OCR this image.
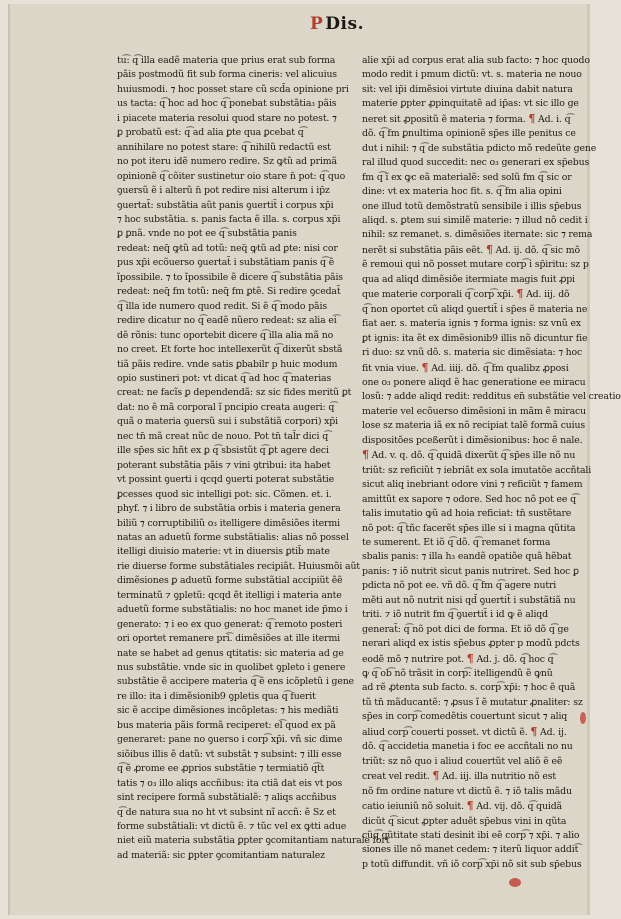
P Dis.
tu͡: q͡ illa eadẽ materia que prius erat sub forma
pãis postmodũ fit sub forma cineris: vel alicuius
huiusmodi. ⁊ hoc posset stare cũ scd̃a opinione pri
us tacta: q͡ hoc ad hoc q͡ ponebat substãtia₃ pãis
i piacete materia resolui quod stare no potest. ⁊
ꝑ probatũ est: q͡ ad alia ꝑte qua ꝑcebat q͡
annihilare no potest stare: q͡ nihilũ redactũ est
no pot iteru idẽ numero redire. Sz ꝙtũ ad primã
opinionẽ q͡ cõiter sustinetur oio stare n̄ pot: q͡ quo
ꝯuersũ ẽ i alterũ n̄ pot redire nisi alterum i ip̄z
ꝯuertat̃: substãtia aũt panis ꝯuertit̃ i corpus xp̄i
⁊ hoc substãtia. s. panis facta ẽ illa. s. corpus xp̄i
ꝑ ꝑnã. vnde no pot ee q͡ substãtia panis
redeat: neq̃ ꝙtũ ad totũ: neq̃ ꝙtũ ad ꝑte: nisi cor
pus xp̄i ecõuerso ꝯuertat̃ i substãtiam panis q͡ ẽ
ĩpossibile. ⁊ to ĩpossibile ẽ dicere q͡ substãtia pãis
redeat: neq̃ fm totũ: neq̃ fm ꝑtẽ. Si redire ꝯcedat̃
q͡ illa ide numero quod redit. Si ẽ q͡ modo pãis
redire dicatur no q͡ eadẽ nũero redeat: sz alia ei͡
dẽ rõnis: tunc oportebit dicere q͡ illa alia mã no
no creet. Et forte hoc intellexerũt q͡ dixerũt sbstã
tiã pãis redire. vnde satis ꝑbabilr p huic modum
opio sustineri pot: vt dicat q͡ ad hoc q͡ materias
creat: ne facĩs ꝑ dependendã: sz sic fides meritũ ꝑt
dat: no ẽ mã corporal ĩ pncipio creata augeri: q͡
quã o materia ꝯuersũ sui i substãtiã corpori) xp̄i
nec tn̄ mã creat nũc de nouo. Pot tn̄ tal̃r dici q͡
ille sp̄es sic hñt ex ꝑ q͡ sbsistũt q͡ ꝑt agere deci
poterant substãtia pãis ⁊ vini ꝯtribui: ita habet
vt possint ꝯuerti i qcqd ꝯuerti poterat substãtie
ꝑcesses quod sic intelligi pot: sic. Cõmen. et. i.
phyf. ⁊ i libro de substãtia orbis i materia genera
biliũ ⁊ corruptibiliũ o₃ itelligere dimẽsiões itermi
natas an aduetũ forme substãtialis: alias nõ possel
itelligi diuisio materie: vt in diuersis ꝑtib̃ mate
rie diuerse forme substãtiales recipiãt. Huiusmõi aũt
dimẽsiones ꝑ aduetũ forme substãtial accipiũt ẽẽ
terminatũ ⁊ ꝯpletũ: qcqd ẽt itelligi i materia ante
aduetũ forme substãtialis: no hoc manet ide p̃mo i
generato: ⁊ i eo ex quo generat: q͡ remoto posteri
ori oportet remanere pri͡. dimẽsiões at ille itermi
nate se habet ad genus qtitatis: sic materia ad ge
nus substãtie. vnde sic in quolibet ꝯpleto i genere
substãtie ẽ accipere materia q͡ ẽ ens icõpletũ i gene
re illo: ita i dimẽsionib9 ꝯpletis qua q͡ fuerit
sic ẽ accipe dimẽsiones incõpletas: ⁊ his mediãti
bus materia pãis formã reciperet: el͡ quod ex pã
generaret: pane no ꝯuerso i corp͡ xp̄i. vñ sic dime
siõibus illis ẽ datũ: vt substãt ⁊ subsint: ⁊ illi esse
q͡ ẽ ꝓrome ee ꝓprios substãtie ⁊ termiatiõ q͡tt
tatis ⁊ o₃ illo aliqs accñibus: ita ctiã dat eis vt pos
sint recipere formã substãtialẽ: ⁊ aliqs accñibus
q͡ de natura sua no ht vt subsint nĩ accñ: ẽ Sz et
forme substãtiali: vt dictũ ẽ. ⁊ tũc vel ex ꝙtti adue
niet eiũ materia substãtia ꝑpter ꝯcomitantiam naturale fort
ad materiã: sic ꝑpter ꝯcomitantiam naturalez
alie xp̄i ad corpus erat alia sub facto: ⁊ hoc quodo
modo redit i pmum dictũ: vt. s. materia ne nouo
sit: vel ip̄i dimẽsioi virtute diuina dabit natura
materie ꝑpter ꝓpinquitatẽ ad ip̄as: vt sic illo ge
neret sit ꝓpositũ ẽ materia ⁊ forma. ¶ Ad. i. q͡
dõ. q͡ fm ꝑnultima opinionẽ sp̄es ille penitus ce
dut i nihil: ⁊ q͡ de substãtia pdicto mõ redeũte gene
ral illud quod succedit: nec o₃ generari ex sp̄ebus
fm q͡ ĩ ex ꝙc eã materialẽ: sed solũ fm q͡ sic or
dine: vt ex materia hoc fit. s. q͡ fm alia opini
one illud totũ demõstratũ sensibile i illis sp̄ebus
aliqd. s. ꝑtem sui similẽ materie: ⁊ illud nõ cedit i
nihil: sz remanet. s. dimẽsiões iternate: sic ⁊ rema
nerẽt si substãtia pãis eẽt. ¶ Ad. ij. dõ. q͡ sic mõ
ẽ remoui qui nõ posset mutare corp͡ i sp̄iritu: sz p
qua ad aliqd dimẽsiõe itermiate magis fuit ꝓpi
que materie corporali q͡ corp͡ xp̄i. ¶ Ad. iij. dõ
q͡ non oportet cũ aliqd ꝯuertit̃ i sp̄es ẽ materia ne
fiat aer. s. materia ignis ⁊ forma ignis: sz vnũ ex
ꝑt ignis: ita ẽt ex dimẽsionib9 illis nõ dicuntur fie
ri duo: sz vnũ dõ. s. materia sic dimẽsiata: ⁊ hoc
fit vnia viue. ¶ Ad. iiij. dõ. q͡ fm qualibz ꝓposi
one o₃ ponere aliqd ẽ hac generatione ee miracu
losũ: ⁊ adde aliqd redit: redditus en̄ substãtie vel creatio
materie vel ecõuerso dimẽsioni in mãm ẽ miracu
lose sz materia iã ex nõ recipiat talẽ formã cuius
dispositões pceßerũt i dimẽsionibus: hoc ẽ nale.
¶ Ad. v. q. dõ. q͡ quidã dixerũt q͡ sp̄es ille nõ nu
triũt: sz reficiũt ⁊ iebriãt ex sola imutatõe accñtali
sicut aliq inebriant odore vini ⁊ reficiũt ⁊ famem
amittũt ex sapore ⁊ odore. Sed hoc nõ pot ee q͡
talis imutatio ꝙũ ad hoia reficiat: tn̄ sustẽtare
nõ pot: q͡ tñc facerẽt sp̄es ille si i magna qũtita
te sumerent. Et iõ q͡ dõ. q͡ remanet forma
sbalis panis: ⁊ illa h₃ eandẽ opatiõe quã hẽbat
panis: ⁊ iõ nutrit sicut panis nutriret. Sed hoc ꝑ
pdicta nõ pot ee. vñ dõ. q͡ fm q͡ agere nutri
mẽti aut nõ nutrit nisi qd̃ ꝯuertit̃ i substãtiã nu
triti. ⁊ iõ nutrit fm q͡ ꝯuertit̃ i id ꝙ ẽ aliqd
generat̃: q͡ nõ pot dici de forma. Et iõ dõ q͡ ge
nerari aliqd ex istis sp̄ebus ꝓpter p modũ pdcts
eodẽ mõ ⁊ nutrire pot. ¶ Ad. j. dõ. q͡ hoc q͡
ꝙ q͡ ob͡ nõ trãsit in corp͡: itelligendũ ẽ ꝙnũ
ad rẽ ꝓtenta sub facto. s. corp͡ xp̄i: ⁊ hoc ẽ quã
tũ tn̄ mãducantẽ: ⁊ ꝓsus ĩ ẽ mutatur ꝓnaliter: sz
sp̄es in corp͡ comedẽtis couertunt sicut ⁊ aliq
aliud corp͡ couerti posset. vt dictũ ẽ. ¶ Ad. ij.
dõ. q͡ accidetia manetia i foc ee accñtali no nu
triũt: sz nõ quo i aliud couertũt vel aliõ ẽ eẽ
creat vel redit. ¶ Ad. iij. illa nutritio nõ est
nõ fm ordine nature vt dictũ ẽ. ⁊ iõ talis mãdu
catio ieiuniũ nõ soluit. ¶ Ad. vij. dõ. q͡ quidã
dicũt q͡ sicut ꝓpter aduẽt sp̄ebus vini in qũta
cũq͡ qũtitate stati desinit ibi eẽ corp͡ ⁊ xp̄i. ⁊ alio
siones ille nõ manet cedem: ⁊ iterũ liquor addit͡
p totũ diffundit. vñ iõ corp͡ xp̄i nõ sit sub sp̄ebus
